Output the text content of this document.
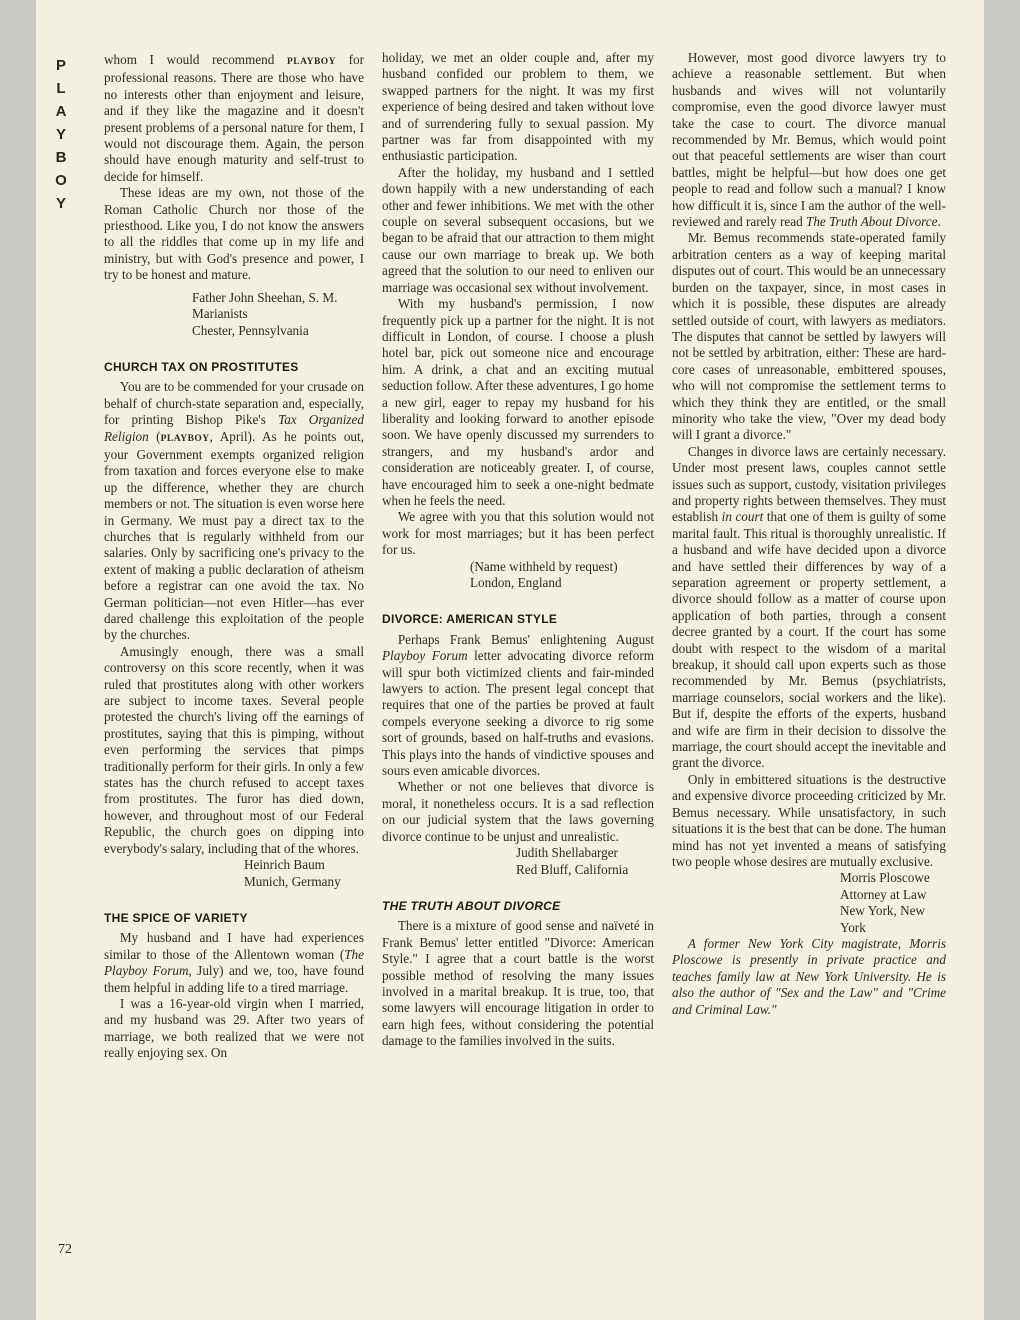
P
L
A
Y
B
O
Y
72

whom I would recommend PLAYBOY for professional reasons. There are those who have no interests other than enjoyment and leisure, and if they like the magazine and it doesn't present problems of a personal nature for them, I would not discourage them. Again, the person should have enough maturity and self-trust to decide for himself.

These ideas are my own, not those of the Roman Catholic Church nor those of the priesthood. Like you, I do not know the answers to all the riddles that come up in my life and ministry, but with God's presence and power, I try to be honest and mature.

Father John Sheehan, S. M.
Marianists
Chester, Pennsylvania
CHURCH TAX ON PROSTITUTES

You are to be commended for your crusade on behalf of church-state separation and, especially, for printing Bishop Pike's Tax Organized Religion (PLAYBOY, April). As he points out, your Government exempts organized religion from taxation and forces everyone else to make up the difference, whether they are church members or not. The situation is even worse here in Germany. We must pay a direct tax to the churches that is regularly withheld from our salaries. Only by sacrificing one's privacy to the extent of making a public declaration of atheism before a registrar can one avoid the tax. No German politician—not even Hitler—has ever dared challenge this exploitation of the people by the churches.

Amusingly enough, there was a small controversy on this score recently, when it was ruled that prostitutes along with other workers are subject to income taxes. Several people protested the church's living off the earnings of prostitutes, saying that this is pimping, without even performing the services that pimps traditionally perform for their girls. In only a few states has the church refused to accept taxes from prostitutes. The furor has died down, however, and throughout most of our Federal Republic, the church goes on dipping into everybody's salary, including that of the whores.

Heinrich Baum
Munich, Germany
THE SPICE OF VARIETY

My husband and I have had experiences similar to those of the Allentown woman (The Playboy Forum, July) and we, too, have found them helpful in adding life to a tired marriage.

I was a 16-year-old virgin when I married, and my husband was 29. After two years of marriage, we both realized that we were not really enjoying sex. On

holiday, we met an older couple and, after my husband confided our problem to them, we swapped partners for the night. It was my first experience of being desired and taken without love and of surrendering fully to sexual passion. My partner was far from disappointed with my enthusiastic participation.

After the holiday, my husband and I settled down happily with a new understanding of each other and fewer inhibitions. We met with the other couple on several subsequent occasions, but we began to be afraid that our attraction to them might cause our own marriage to break up. We both agreed that the solution to our need to enliven our marriage was occasional sex without involvement.

With my husband's permission, I now frequently pick up a partner for the night. It is not difficult in London, of course. I choose a plush hotel bar, pick out someone nice and encourage him. A drink, a chat and an exciting mutual seduction follow. After these adventures, I go home a new girl, eager to repay my husband for his liberality and looking forward to another episode soon. We have openly discussed my surrenders to strangers, and my husband's ardor and consideration are noticeably greater. I, of course, have encouraged him to seek a one-night bedmate when he feels the need.

We agree with you that this solution would not work for most marriages; but it has been perfect for us.

(Name withheld by request)
London, England
DIVORCE: AMERICAN STYLE

Perhaps Frank Bemus' enlightening August Playboy Forum letter advocating divorce reform will spur both victimized clients and fair-minded lawyers to action. The present legal concept that requires that one of the parties be proved at fault compels everyone seeking a divorce to rig some sort of grounds, based on half-truths and evasions. This plays into the hands of vindictive spouses and sours even amicable divorces.

Whether or not one believes that divorce is moral, it nonetheless occurs. It is a sad reflection on our judicial system that the laws governing divorce continue to be unjust and unrealistic.

Judith Shellabarger
Red Bluff, California
THE TRUTH ABOUT DIVORCE

There is a mixture of good sense and naïveté in Frank Bemus' letter entitled "Divorce: American Style." I agree that a court battle is the worst possible method of resolving the many issues involved in a marital breakup. It is true, too, that some lawyers will encourage litigation in order to earn high fees, without considering the potential damage to the families involved in the suits.

However, most good divorce lawyers try to achieve a reasonable settlement. But when husbands and wives will not voluntarily compromise, even the good divorce lawyer must take the case to court. The divorce manual recommended by Mr. Bemus, which would point out that peaceful settlements are wiser than court battles, might be helpful—but how does one get people to read and follow such a manual? I know how difficult it is, since I am the author of the well-reviewed and rarely read The Truth About Divorce.

Mr. Bemus recommends state-operated family arbitration centers as a way of keeping marital disputes out of court. This would be an unnecessary burden on the taxpayer, since, in most cases in which it is possible, these disputes are already settled outside of court, with lawyers as mediators. The disputes that cannot be settled by lawyers will not be settled by arbitration, either: These are hard-core cases of unreasonable, embittered spouses, who will not compromise the settlement terms to which they think they are entitled, or the small minority who take the view, "Over my dead body will I grant a divorce."

Changes in divorce laws are certainly necessary. Under most present laws, couples cannot settle issues such as support, custody, visitation privileges and property rights between themselves. They must establish in court that one of them is guilty of some marital fault. This ritual is thoroughly unrealistic. If a husband and wife have decided upon a divorce and have settled their differences by way of a separation agreement or property settlement, a divorce should follow as a matter of course upon application of both parties, through a consent decree granted by a court. If the court has some doubt with respect to the wisdom of a marital breakup, it should call upon experts such as those recommended by Mr. Bemus (psychiatrists, marriage counselors, social workers and the like). But if, despite the efforts of the experts, husband and wife are firm in their decision to dissolve the marriage, the court should accept the inevitable and grant the divorce.

Only in embittered situations is the destructive and expensive divorce proceeding criticized by Mr. Bemus necessary. While unsatisfactory, in such situations it is the best that can be done. The human mind has not yet invented a means of satisfying two people whose desires are mutually exclusive.

Morris Ploscowe
Attorney at Law
New York, New York

A former New York City magistrate, Morris Ploscowe is presently in private practice and teaches family law at New York University. He is also the author of "Sex and the Law" and "Crime and Criminal Law."
